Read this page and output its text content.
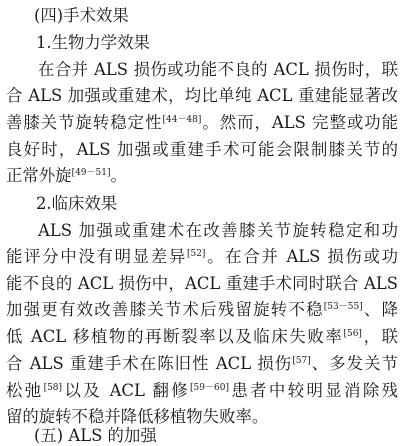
(四)手术效果
1.生物力学效果
在合并 ALS 损伤或功能不良的 ACL 损伤时，联
合 ALS 加强或重建术，均比单纯 ACL 重建能显著改
善膝关节旋转稳定性[44－48]。然而，ALS 完整或功能
良好时，ALS 加强或重建手术可能会限制膝关节的
正常外旋[49－51]。
2.临床效果
ALS 加强或重建术在改善膝关节旋转稳定和功
能评分中没有明显差异[52]。在合并 ALS 损伤或功
能不良的 ACL 损伤中，ACL 重建手术同时联合 ALS
加强更有效改善膝关节术后残留旋转不稳[53－55]、降
低 ACL 移植物的再断裂率以及临床失败率[56]，联
合 ALS 重建手术在陈旧性 ACL 损伤[57]、多发关节
松弛[58]以及 ACL 翻修[59－60]患者中较明显消除残
留的旋转不稳并降低移植物失败率。
(五) ALS 的加强
